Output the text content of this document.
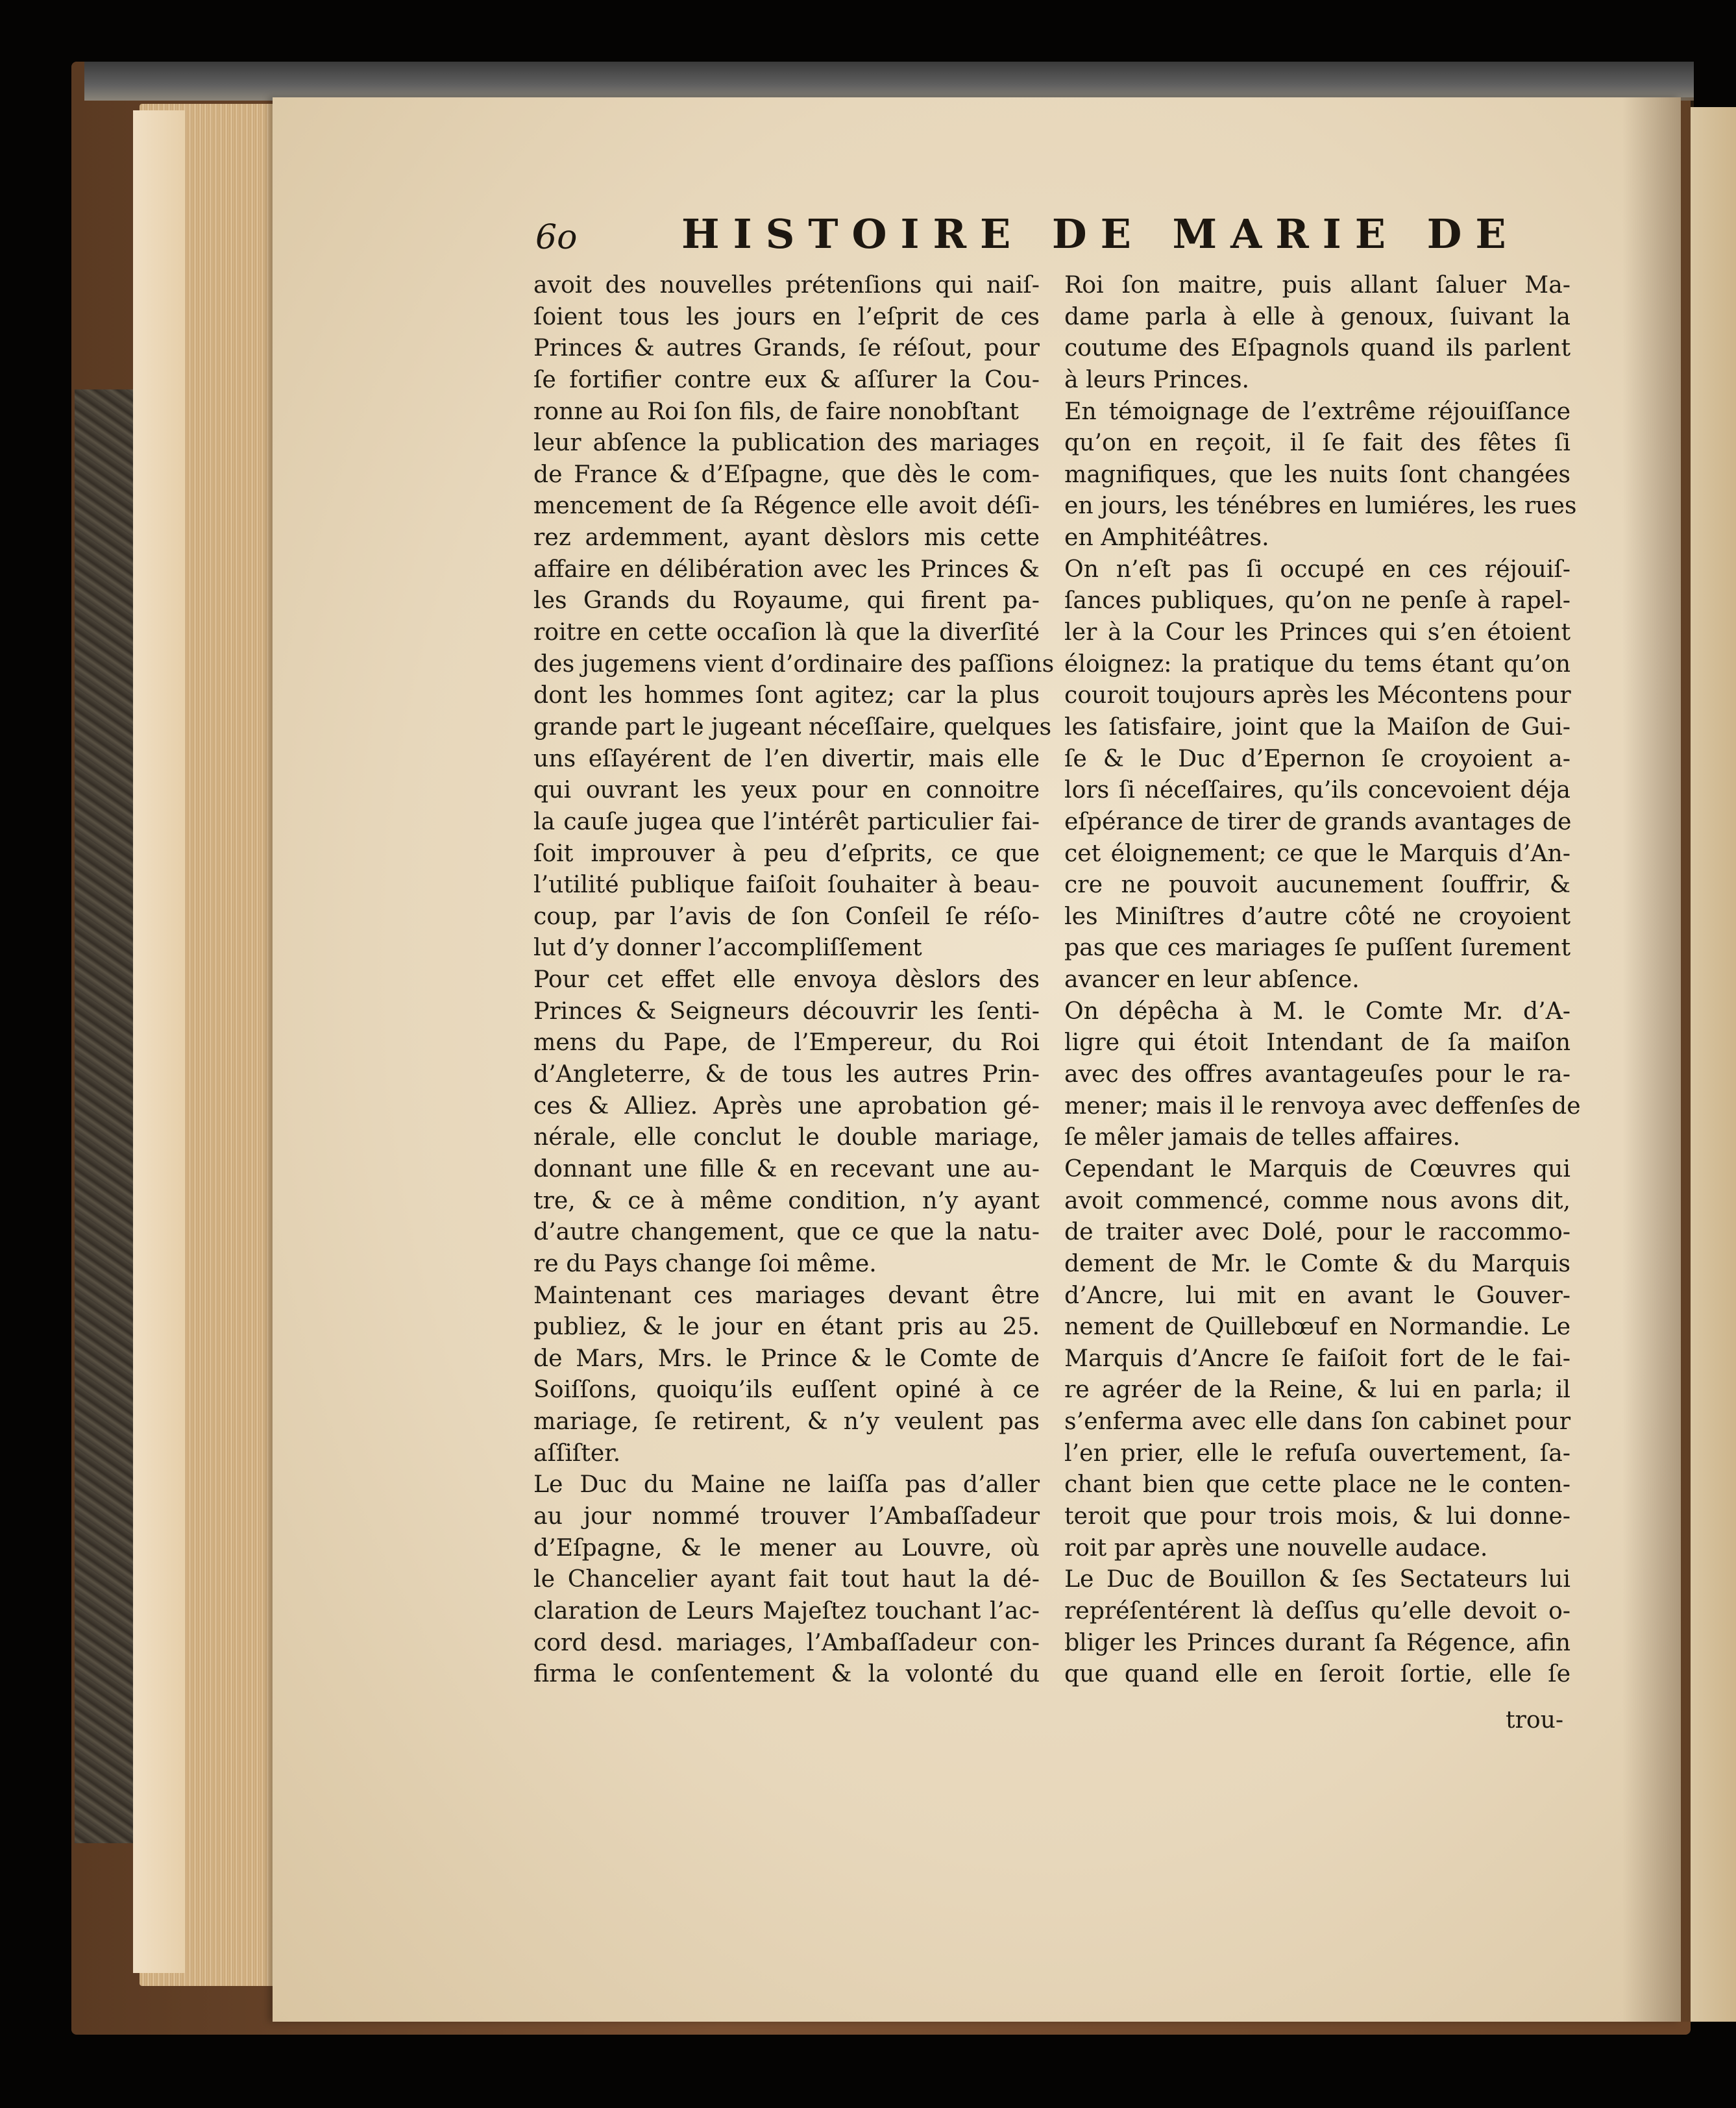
6o	HISTOIRE DE MARIE DE
avoit des nouvelles prétenſions qui naiſ-
ſoient tous les jours en l’eſprit de ces
Princes & autres Grands, ſe réſout, pour
ſe fortifier contre eux & aſſurer la Cou-
ronne au Roi ſon fils, de faire nonobſtant
leur abſence la publication des mariages
de France & d’Eſpagne, que dès le com-
mencement de ſa Régence elle avoit déſi-
rez ardemment, ayant dèslors mis cette
affaire en délibération avec les Princes &
les Grands du Royaume, qui firent pa-
roitre en cette occaſion là que la diverſité
des jugemens vient d’ordinaire des paſſions
dont les hommes ſont agitez; car la plus
grande part le jugeant néceſſaire, quelques
uns eſſayérent de l’en divertir, mais elle
qui ouvrant les yeux pour en connoitre
la cauſe jugea que l’intérêt particulier fai-
ſoit improuver à peu d’eſprits, ce que
l’utilité publique faiſoit ſouhaiter à beau-
coup, par l’avis de ſon Conſeil ſe réſo-
lut d’y donner l’accompliſſement
Pour cet effet elle envoya dèslors des
Princes & Seigneurs découvrir les ſenti-
mens du Pape, de l’Empereur, du Roi
d’Angleterre, & de tous les autres Prin-
ces & Alliez. Après une aprobation gé-
nérale, elle conclut le double mariage,
donnant une fille & en recevant une au-
tre, & ce à même condition, n’y ayant
d’autre changement, que ce que la natu-
re du Pays change ſoi même.
Maintenant ces mariages devant être
publiez, & le jour en étant pris au 25.
de Mars, Mrs. le Prince & le Comte de
Soiſſons, quoiqu’ils euſſent opiné à ce
mariage, ſe retirent, & n’y veulent pas
aſſiſter.
Le Duc du Maine ne laiſſa pas d’aller
au jour nommé trouver l’Ambaſſadeur
d’Eſpagne, & le mener au Louvre, où
le Chancelier ayant fait tout haut la dé-
claration de Leurs Majeſtez touchant l’ac-
cord desd. mariages, l’Ambaſſadeur con-
firma le conſentement & la volonté du
Roi ſon maitre, puis allant ſaluer Ma-
dame parla à elle à genoux, ſuivant la
coutume des Eſpagnols quand ils parlent
à leurs Princes.
En témoignage de l’extrême réjouiſſance
qu’on en reçoit, il ſe fait des fêtes ſi
magnifiques, que les nuits ſont changées
en jours, les ténébres en lumiéres, les rues
en Amphitéâtres.
On n’eſt pas ſi occupé en ces réjouiſ-
ſances publiques, qu’on ne penſe à rapel-
ler à la Cour les Princes qui s’en étoient
éloignez: la pratique du tems étant qu’on
couroit toujours après les Mécontens pour
les ſatisfaire, joint que la Maiſon de Gui-
ſe & le Duc d’Epernon ſe croyoient a-
lors ſi néceſſaires, qu’ils concevoient déja
eſpérance de tirer de grands avantages de
cet éloignement; ce que le Marquis d’An-
cre ne pouvoit aucunement ſouffrir, &
les Miniſtres d’autre côté ne croyoient
pas que ces mariages ſe puſſent ſurement
avancer en leur abſence.
On dépêcha à M. le Comte Mr. d’A-
ligre qui étoit Intendant de ſa maiſon
avec des offres avantageuſes pour le ra-
mener; mais il le renvoya avec deffenſes de
ſe mêler jamais de telles affaires.
Cependant le Marquis de Cœuvres qui
avoit commencé, comme nous avons dit,
de traiter avec Dolé, pour le raccommo-
dement de Mr. le Comte & du Marquis
d’Ancre, lui mit en avant le Gouver-
nement de Quillebœuf en Normandie. Le
Marquis d’Ancre ſe faiſoit fort de le fai-
re agréer de la Reine, & lui en parla; il
s’enferma avec elle dans ſon cabinet pour
l’en prier, elle le refuſa ouvertement, ſa-
chant bien que cette place ne le conten-
teroit que pour trois mois, & lui donne-
roit par après une nouvelle audace.
Le Duc de Bouillon & ſes Sectateurs lui
repréſentérent là deſſus qu’elle devoit o-
bliger les Princes durant ſa Régence, afin
que quand elle en ſeroit ſortie, elle ſe
trou-
